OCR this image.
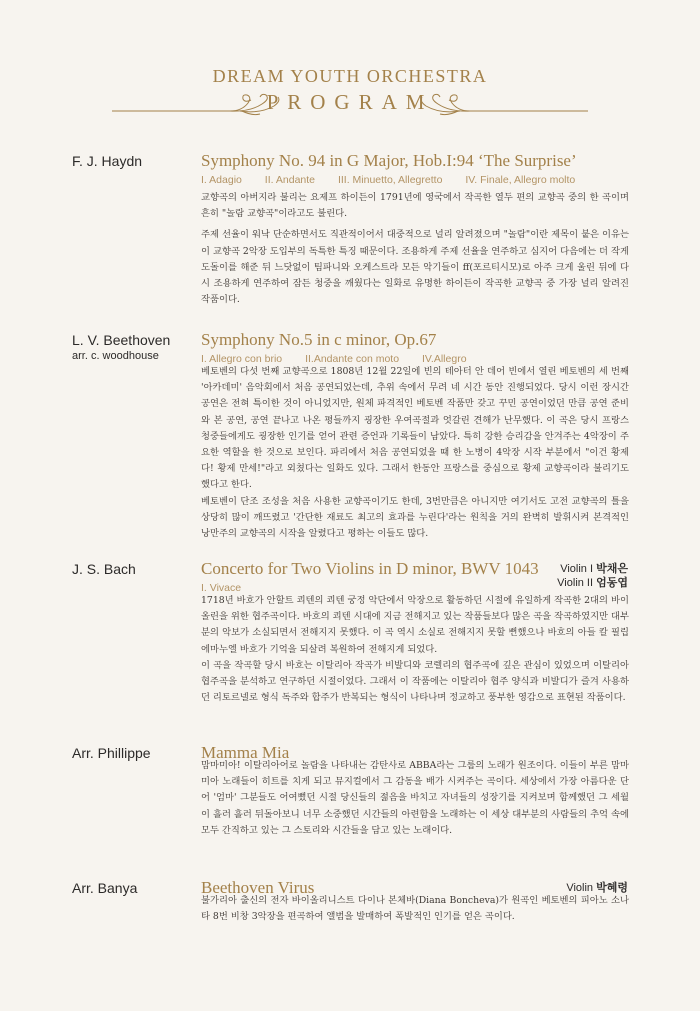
DREAM YOUTH ORCHESTRA
PROGRAM
F. J. Haydn	Symphony No. 94 in G Major, Hob.I:94 ‘The Surprise’
I. Adagio II. Andante III. Minuetto, Allegretto IV. Finale, Allegro molto

교향곡의 아버지라 불리는 요제프 하이든이 1791년에 영국에서 작곡한 열두 편의 교향곡 중의 한 곡이며 흔히 "놀람 교향곡"이라고도 불린다.

주제 선율이 워낙 단순하면서도 직관적이어서 대중적으로 널리 알려졌으며 "놀람"이란 제목이 붙은 이유는 이 교향곡 2악장 도입부의 독특한 특징 때문이다. 조용하게 주제 선율을 연주하고 심지어 다음에는 더 작게 도돌이를 해준 뒤 느닷없이 팀파니와 오케스트라 모든 악기들이 ff(포르티시모)로 아주 크게 울린 뒤에 다시 조용하게 연주하여 잠든 청중을 깨웠다는 일화로 유명한 하이든이 작곡한 교향곡 중 가장 널리 알려진 작품이다.

L. V. Beethoven
arr. c. woodhouse
Symphony No.5 in c minor, Op.67
I. Allegro con brio II.Andante con moto IV.Allegro

베토벤의 다섯 번째 교향곡으로 1808년 12월 22일에 빈의 테아터 안 데어 빈에서 열린 베토벤의 세 번째 '아카데미' 음악회에서 처음 공연되었는데, 추위 속에서 무려 네 시간 동안 진행되었다. 당시 이런 장시간 공연은 전혀 특이한 것이 아니었지만, 원체 파격적인 베토벤 작품만 갖고 꾸민 공연이었던 만큼 공연 준비와 본 공연, 공연 끝나고 나온 평들까지 굉장한 우여곡절과 엇갈린 견해가 난무했다. 이 곡은 당시 프랑스 청중들에게도 굉장한 인기를 얻어 관련 증언과 기록들이 남았다. 특히 강한 승리감을 안겨주는 4악장이 주요한 역할을 한 것으로 보인다. 파리에서 처음 공연되었을 때 한 노병이 4악장 시작 부분에서 "이건 황제다! 황제 만세!"라고 외쳤다는 일화도 있다. 그래서 한동안 프랑스를 중심으로 황제 교향곡이라 불리기도 했다고 한다.

베토벤이 단조 조성을 처음 사용한 교향곡이기도 한데, 3번만큼은 아니지만 여기서도 고전 교향곡의 틀을 상당히 많이 깨뜨렸고 '간단한 재료도 최고의 효과를 누린다'라는 원칙을 거의 완벽히 발휘시켜 본격적인 낭만주의 교향곡의 시작을 알렸다고 평하는 이들도 많다.

J. S. Bach	Concerto for Two Violins in D minor, BWV 1043 Violin I 박채은
Violin II 엄동엽
I. Vivace

1718년 바흐가 안할트 쾨텐의 쾨텐 궁정 악단에서 악장으로 활동하던 시절에 유일하게 작곡한 2대의 바이올린을 위한 협주곡이다. 바흐의 쾨텐 시대에 지금 전해지고 있는 작품들보다 많은 곡을 작곡하였지만 대부분의 악보가 소실되면서 전해지지 못했다. 이 곡 역시 소실로 전해지지 못할 뻔했으나 바흐의 아들 칼 필립 에마누엘 바흐가 기억을 되살려 복원하여 전해지게 되었다.

이 곡을 작곡할 당시 바흐는 이탈리아 작곡가 비발디와 코렐리의 협주곡에 깊은 관심이 있었으며 이탈리아 협주곡을 분석하고 연구하던 시절이었다. 그래서 이 작품에는 이탈리아 협주 양식과 비발디가 즐겨 사용하던 리토르넬로 형식 독주와 합주가 반복되는 형식이 나타나며 정교하고 풍부한 영감으로 표현된 작품이다.

Arr. Phillippe	Mamma Mia

맘마미아! 이탈리아어로 놀람을 나타내는 감탄사로 ABBA라는 그룹의 노래가 원조이다. 이들이 부른 맘마미아 노래들이 히트를 치게 되고 뮤지컬에서 그 감동을 배가 시켜주는 곡이다. 세상에서 가장 아름다운 단어 '엄마' 그분들도 어여뻤던 시절 당신들의 젊음을 바치고 자녀들의 성장기를 지켜보며 함께했던 그 세월이 흘러 흘러 뒤돌아보니 너무 소중했던 시간들의 아련함을 노래하는 이 세상 대부분의 사람들의 추억 속에 모두 간직하고 있는 그 스토리와 시간들을 담고 있는 노래이다.

Arr. Banya	Beethoven Virus	Violin 박혜령

불가리아 출신의 전자 바이올리니스트 다이나 본체바(Diana Boncheva)가 원곡인 베토벤의 피아노 소나타 8번 비창 3악장을 편곡하여 앨범을 발매하여 폭발적인 인기를 얻은 곡이다.
